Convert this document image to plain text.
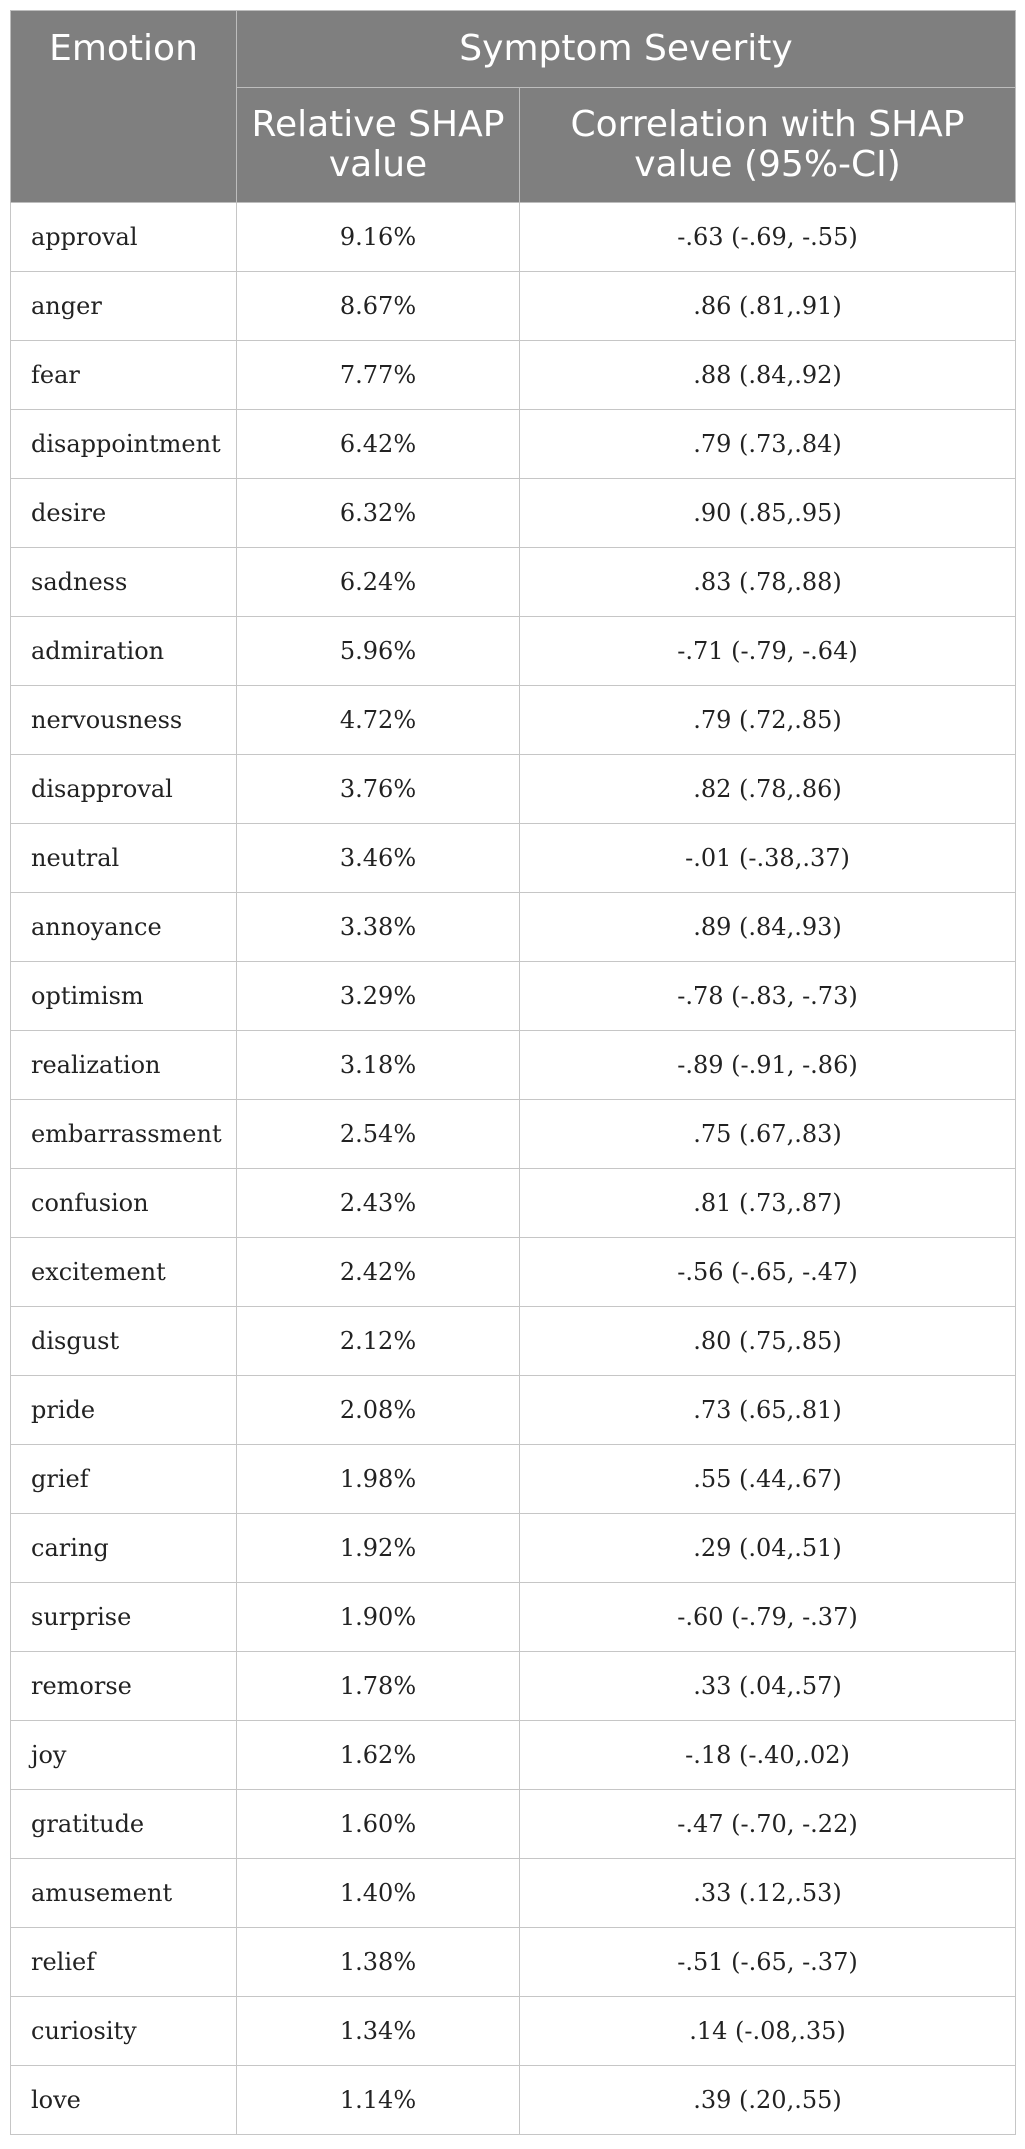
Emotion	Symptom Severity	
	Relative SHAP value	Correlation with SHAP value (95%-CI)
approval	9.16%	-.63 (-.69, -.55)
anger	8.67%	.86 (.81,.91)
fear	7.77%	.88 (.84,.92)
disappointment	6.42%	.79 (.73,.84)
desire	6.32%	.90 (.85,.95)
sadness	6.24%	.83 (.78,.88)
admiration	5.96%	-.71 (-.79, -.64)
nervousness	4.72%	.79 (.72,.85)
disapproval	3.76%	.82 (.78,.86)
neutral	3.46%	-.01 (-.38,.37)
annoyance	3.38%	.89 (.84,.93)
optimism	3.29%	-.78 (-.83, -.73)
realization	3.18%	-.89 (-.91, -.86)
embarrassment	2.54%	.75 (.67,.83)
confusion	2.43%	.81 (.73,.87)
excitement	2.42%	-.56 (-.65, -.47)
disgust	2.12%	.80 (.75,.85)
pride	2.08%	.73 (.65,.81)
grief	1.98%	.55 (.44,.67)
caring	1.92%	.29 (.04,.51)
surprise	1.90%	-.60 (-.79, -.37)
remorse	1.78%	.33 (.04,.57)
joy	1.62%	-.18 (-.40,.02)
gratitude	1.60%	-.47 (-.70, -.22)
amusement	1.40%	.33 (.12,.53)
relief	1.38%	-.51 (-.65, -.37)
curiosity	1.34%	.14 (-.08,.35)
love	1.14%	.39 (.20,.55)
